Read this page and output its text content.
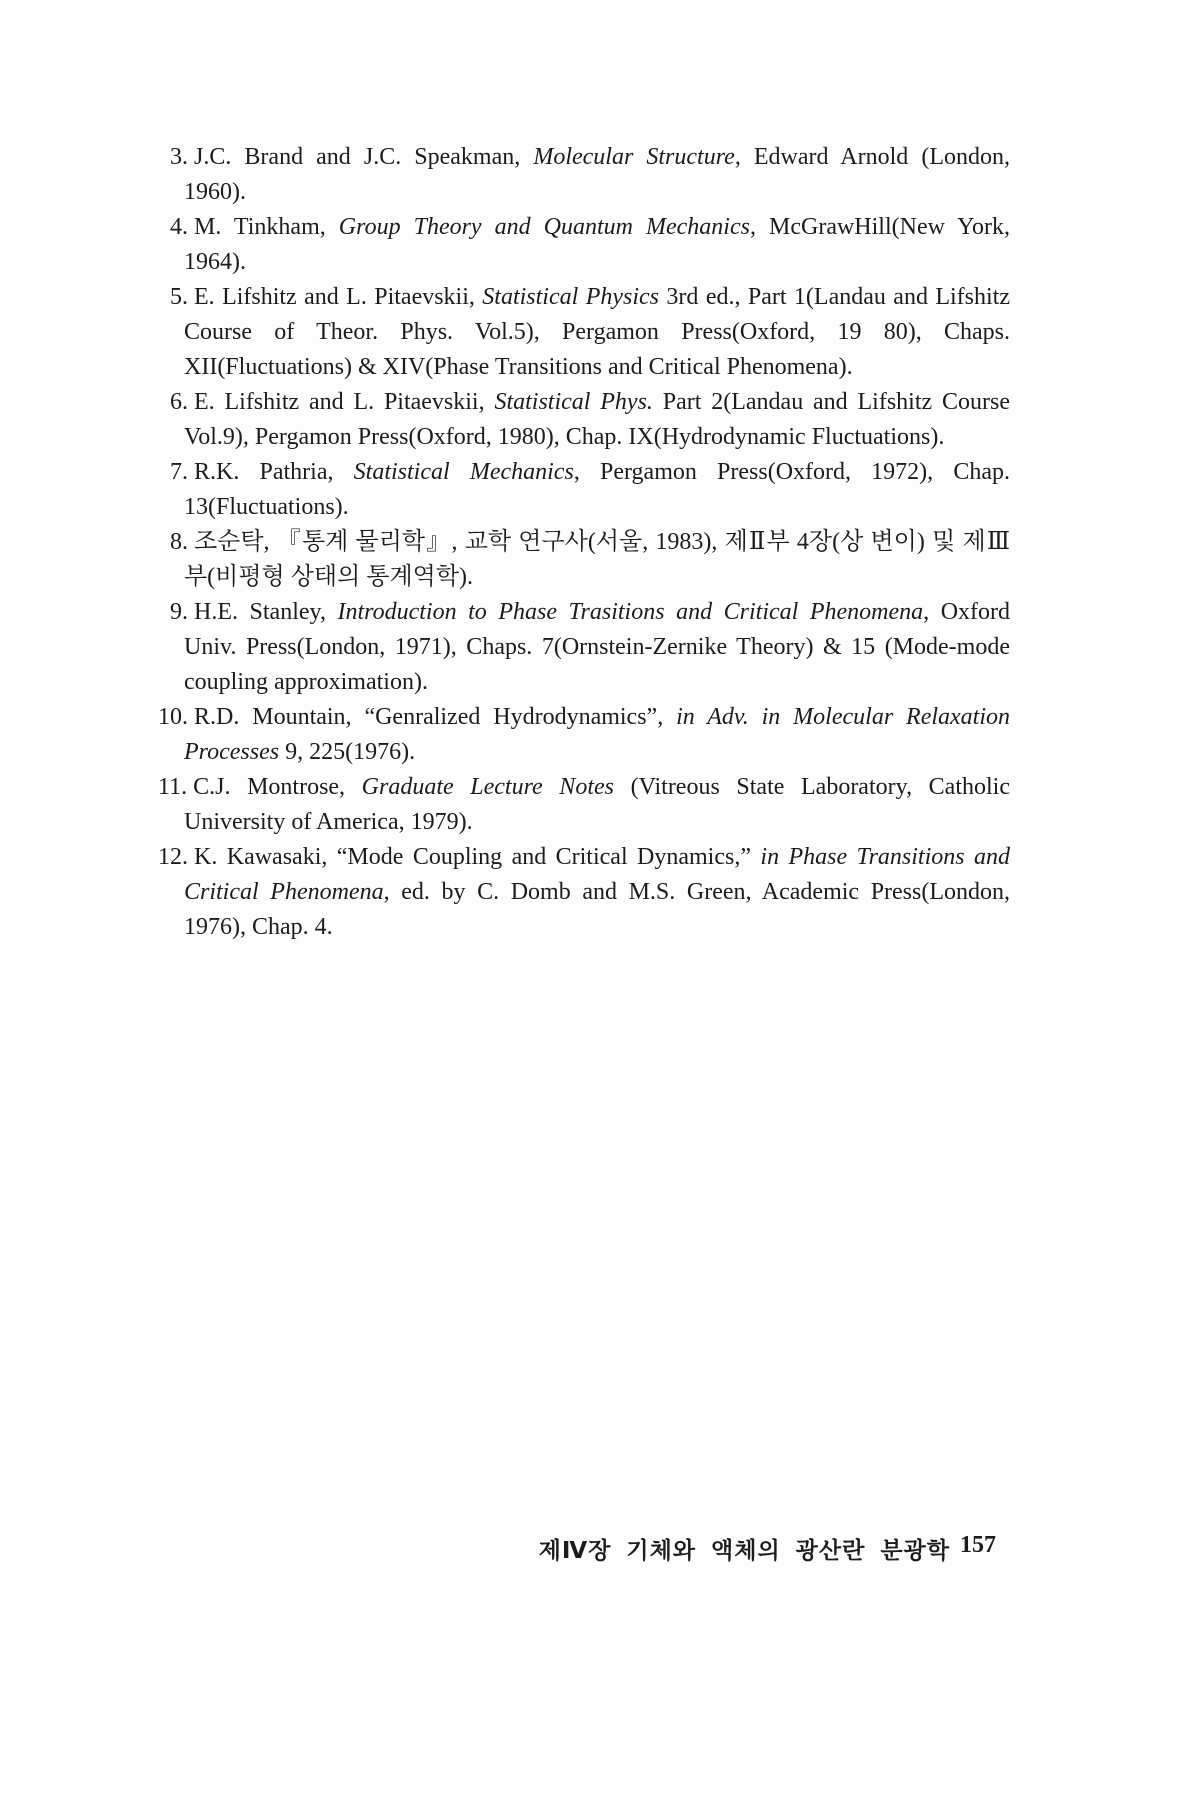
3. J.C. Brand and J.C. Speakman, Molecular Structure, Edward Arnold (London, 1960).

4. M. Tinkham, Group Theory and Quantum Mechanics, McGrawHill(New York, 1964).

5. E. Lifshitz and L. Pitaevskii, Statistical Physics 3rd ed., Part 1(Landau and Lifshitz Course of Theor. Phys. Vol.5), Pergamon Press(Oxford, 19 80), Chaps. XII(Fluctuations) & XIV(Phase Transitions and Critical Phenomena).

6. E. Lifshitz and L. Pitaevskii, Statistical Phys. Part 2(Landau and Lifshitz Course Vol.9), Pergamon Press(Oxford, 1980), Chap. IX(Hydrodynamic Fluctuations).

7. R.K. Pathria, Statistical Mechanics, Pergamon Press(Oxford, 1972), Chap. 13(Fluctuations).

8. 조순탁, 『통계 물리학』, 교학 연구사(서울, 1983), 제Ⅱ부 4장(상 변이) 및 제Ⅲ부(비평형 상태의 통계역학).

9. H.E. Stanley, Introduction to Phase Trasitions and Critical Phenomena, Oxford Univ. Press(London, 1971), Chaps. 7(Ornstein-Zernike Theory) & 15 (Mode-mode coupling approximation).

10. R.D. Mountain, “Genralized Hydrodynamics”, in Adv. in Molecular Relaxation Processes 9, 225(1976).

11. C.J. Montrose, Graduate Lecture Notes (Vitreous State Laboratory, Catholic University of America, 1979).

12. K. Kawasaki, “Mode Coupling and Critical Dynamics,” in Phase Transitions and Critical Phenomena, ed. by C. Domb and M.S. Green, Academic Press(London, 1976), Chap. 4.

제Ⅳ장 기체와 액체의 광산란 분광학 157
